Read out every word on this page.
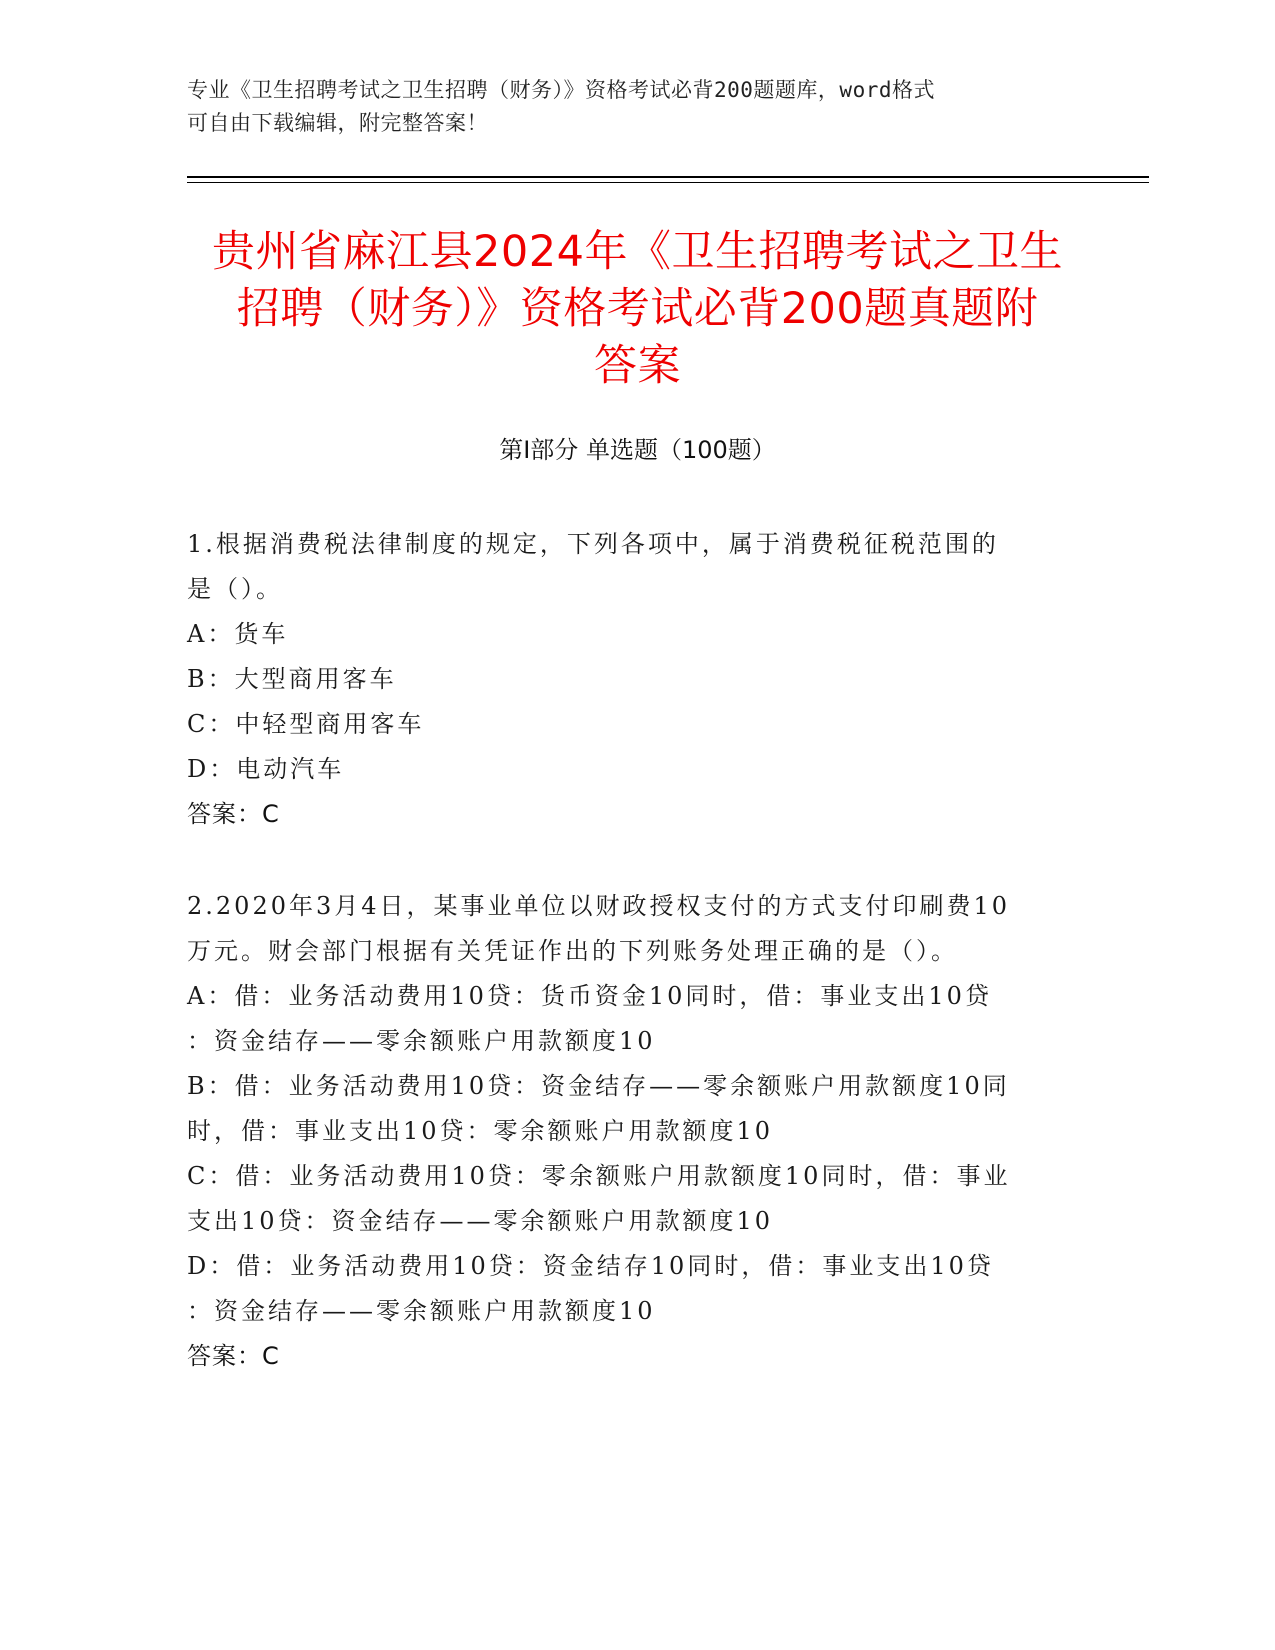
专业《卫生招聘考试之卫生招聘（财务）》资格考试必背200题题库，word格式
可自由下载编辑，附完整答案！
贵州省麻江县2024年《卫生招聘考试之卫生
招聘（财务）》资格考试必背200题真题附
答案
第Ⅰ部分 单选题（100题）
1.根据消费税法律制度的规定，下列各项中，属于消费税征税范围的
是（）。
A：货车
B：大型商用客车
C：中轻型商用客车
D：电动汽车
答案：C
2.2020年3月4日，某事业单位以财政授权支付的方式支付印刷费10
万元。财会部门根据有关凭证作出的下列账务处理正确的是（）。
A：借：业务活动费用10贷：货币资金10同时，借：事业支出10贷
：资金结存——零余额账户用款额度10
B：借：业务活动费用10贷：资金结存——零余额账户用款额度10同
时，借：事业支出10贷：零余额账户用款额度10
C：借：业务活动费用10贷：零余额账户用款额度10同时，借：事业
支出10贷：资金结存——零余额账户用款额度10
D：借：业务活动费用10贷：资金结存10同时，借：事业支出10贷
：资金结存——零余额账户用款额度10
答案：C
